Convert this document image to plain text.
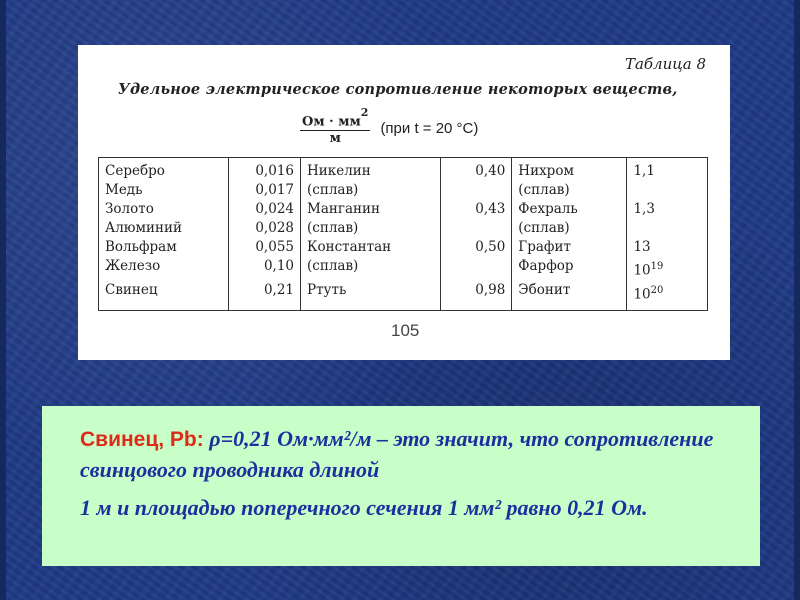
Таблица 8
Удельное электрическое сопротивление некоторых веществ,
$\frac{Ом \cdot мм^2}{м} (при$ t = 20 °С)
Серебро	0,016	Никелин	0,40	Нихром	1,1
Медь	0,017	(сплав)		(сплав)	
Золото	0,024	Манганин	0,43	Фехраль	1,3
Алюминий	0,028	(сплав)		(сплав)	
Вольфрам	0,055	Константан	0,50	Графит	13
Железо	0,10	(сплав)		Фарфор	$10^{19}$
Свинец	0,21	Ртуть	0,98	Эбонит	$10^{20}$
105

Свинец, Pb: ρ=0,21 Ом·мм²/м – это значит, что сопротивление свинцового проводника длиной

1 м и площадью поперечного сечения 1 мм² равно 0,21 Ом.
